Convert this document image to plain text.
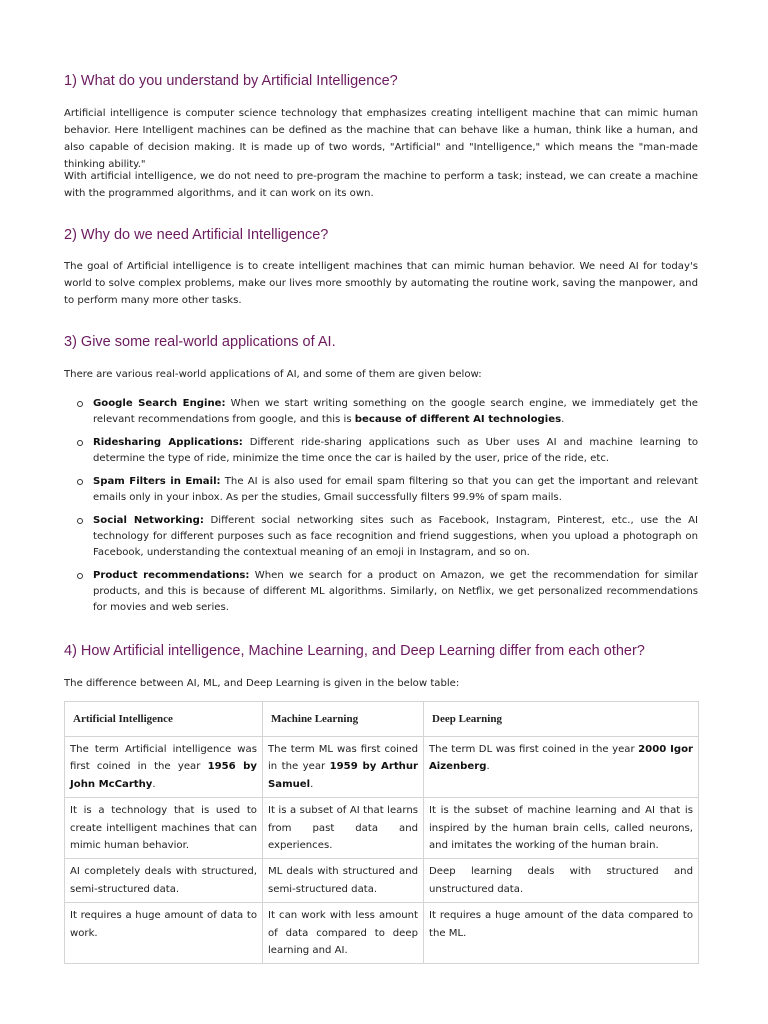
1) What do you understand by Artificial Intelligence?

Artificial intelligence is computer science technology that emphasizes creating intelligent machine that can mimic human behavior. Here Intelligent machines can be defined as the machine that can behave like a human, think like a human, and also capable of decision making. It is made up of two words, "Artificial" and "Intelligence," which means the "man-made thinking ability."

With artificial intelligence, we do not need to pre-program the machine to perform a task; instead, we can create a machine with the programmed algorithms, and it can work on its own.

2) Why do we need Artificial Intelligence?

The goal of Artificial intelligence is to create intelligent machines that can mimic human behavior. We need AI for today's world to solve complex problems, make our lives more smoothly by automating the routine work, saving the manpower, and to perform many more other tasks.

3) Give some real-world applications of AI.

There are various real-world applications of AI, and some of them are given below:

Google Search Engine: When we start writing something on the google search engine, we immediately get the relevant recommendations from google, and this is because of different AI technologies.
Ridesharing Applications: Different ride-sharing applications such as Uber uses AI and machine learning to determine the type of ride, minimize the time once the car is hailed by the user, price of the ride, etc.
Spam Filters in Email: The AI is also used for email spam filtering so that you can get the important and relevant emails only in your inbox. As per the studies, Gmail successfully filters 99.9% of spam mails.
Social Networking: Different social networking sites such as Facebook, Instagram, Pinterest, etc., use the AI technology for different purposes such as face recognition and friend suggestions, when you upload a photograph on Facebook, understanding the contextual meaning of an emoji in Instagram, and so on.
Product recommendations: When we search for a product on Amazon, we get the recommendation for similar products, and this is because of different ML algorithms. Similarly, on Netflix, we get personalized recommendations for movies and web series.
4) How Artificial intelligence, Machine Learning, and Deep Learning differ from each other?

The difference between AI, ML, and Deep Learning is given in the below table:

Artificial Intelligence	Machine Learning	Deep Learning
The term Artificial intelligence was first coined in the year 1956 by John McCarthy.	The term ML was first coined in the year 1959 by Arthur Samuel.	The term DL was first coined in the year 2000 Igor Aizenberg.
It is a technology that is used to create intelligent machines that can mimic human behavior.	It is a subset of AI that learns from past data and experiences.	It is the subset of machine learning and AI that is inspired by the human brain cells, called neurons, and imitates the working of the human brain.
AI completely deals with structured, semi-structured data.	ML deals with structured and semi-structured data.	Deep learning deals with structured and unstructured data.
It requires a huge amount of data to work.	It can work with less amount of data compared to deep learning and AI.	It requires a huge amount of the data compared to the ML.
